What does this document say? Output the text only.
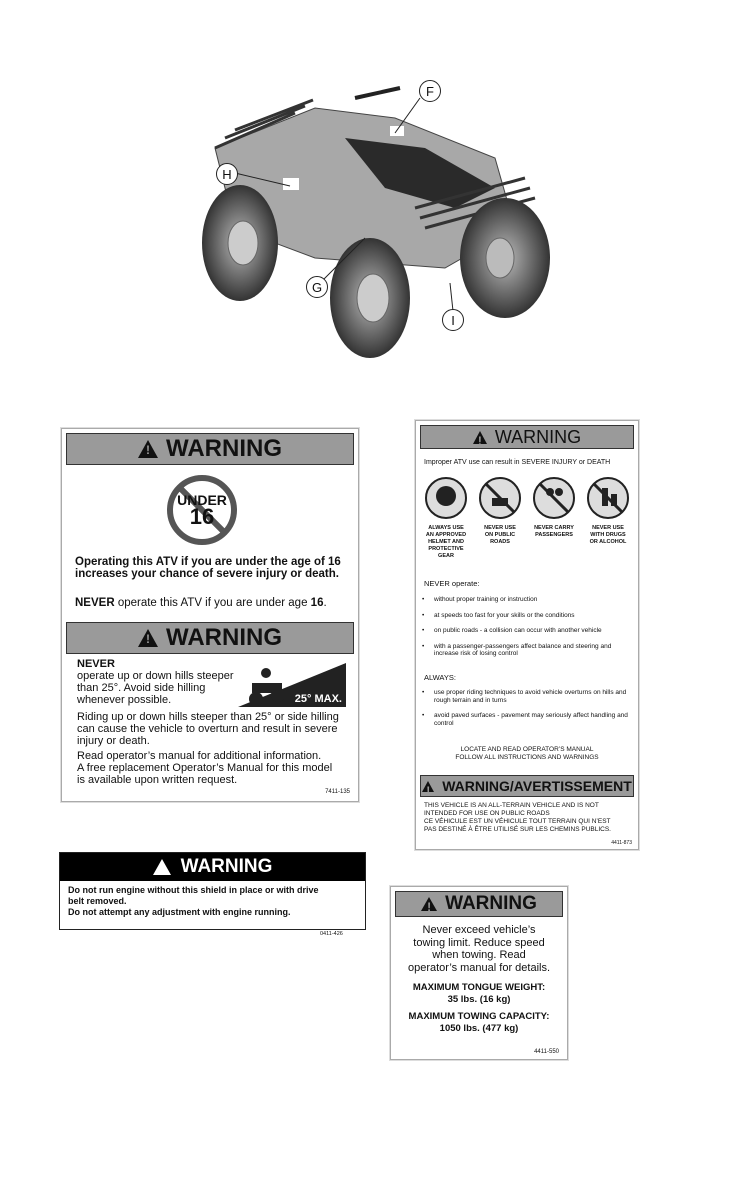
F
H
G
I
!
WARNING
UNDER
16
Operating this ATV if you are under the age of 16
increases your chance of severe injury or death.
NEVER operate this ATV if you are under age 16.
!
WARNING
NEVER
operate up or down hills steeper
than 25°. Avoid side hilling
whenever possible.	25° MAX.
Riding up or down hills steeper than 25° or side hilling
can cause the vehicle to overturn and result in severe
injury or death.
Read operator’s manual for additional information.
A free replacement Operator’s Manual for this model
is available upon written request.
7411-135
!
WARNING
Improper ATV use can result in SEVERE INJURY or DEATH
ALWAYS USE
AN APPROVED
HELMET AND
PROTECTIVE
GEAR
NEVER USE
ON PUBLIC
ROADS
NEVER CARRY
PASSENGERS
NEVER USE
WITH DRUGS
OR ALCOHOL
NEVER operate:
• without proper training or instruction
• at speeds too fast for your skills or the conditions
• on public roads - a collision can occur with another vehicle
• with a passenger-passengers affect balance and steering and increase risk of losing control
ALWAYS:
• use proper riding techniques to avoid vehicle overturns on hills and rough terrain and in turns
• avoid paved surfaces - pavement may seriously affect handling and control
LOCATE AND READ OPERATOR’S MANUAL
FOLLOW ALL INSTRUCTIONS AND WARNINGS
!
WARNING/AVERTISSEMENT
THIS VEHICLE IS AN ALL-TERRAIN VEHICLE AND IS NOT
INTENDED FOR USE ON PUBLIC ROADS
CE VÉHICULE EST UN VÉHICULE TOUT TERRAIN QUI N’EST
PAS DESTINÉ À ÊTRE UTILISÉ SUR LES CHEMINS PUBLICS.
4411-873
WARNING
Do not run engine without this shield in place or with drive
belt removed.
Do not attempt any adjustment with engine running.
0411-426
!
WARNING
Never exceed vehicle’s
towing limit. Reduce speed
when towing. Read
operator’s manual for details.
MAXIMUM TONGUE WEIGHT:
35 lbs. (16 kg)
MAXIMUM TOWING CAPACITY:
1050 lbs. (477 kg)
4411-550
